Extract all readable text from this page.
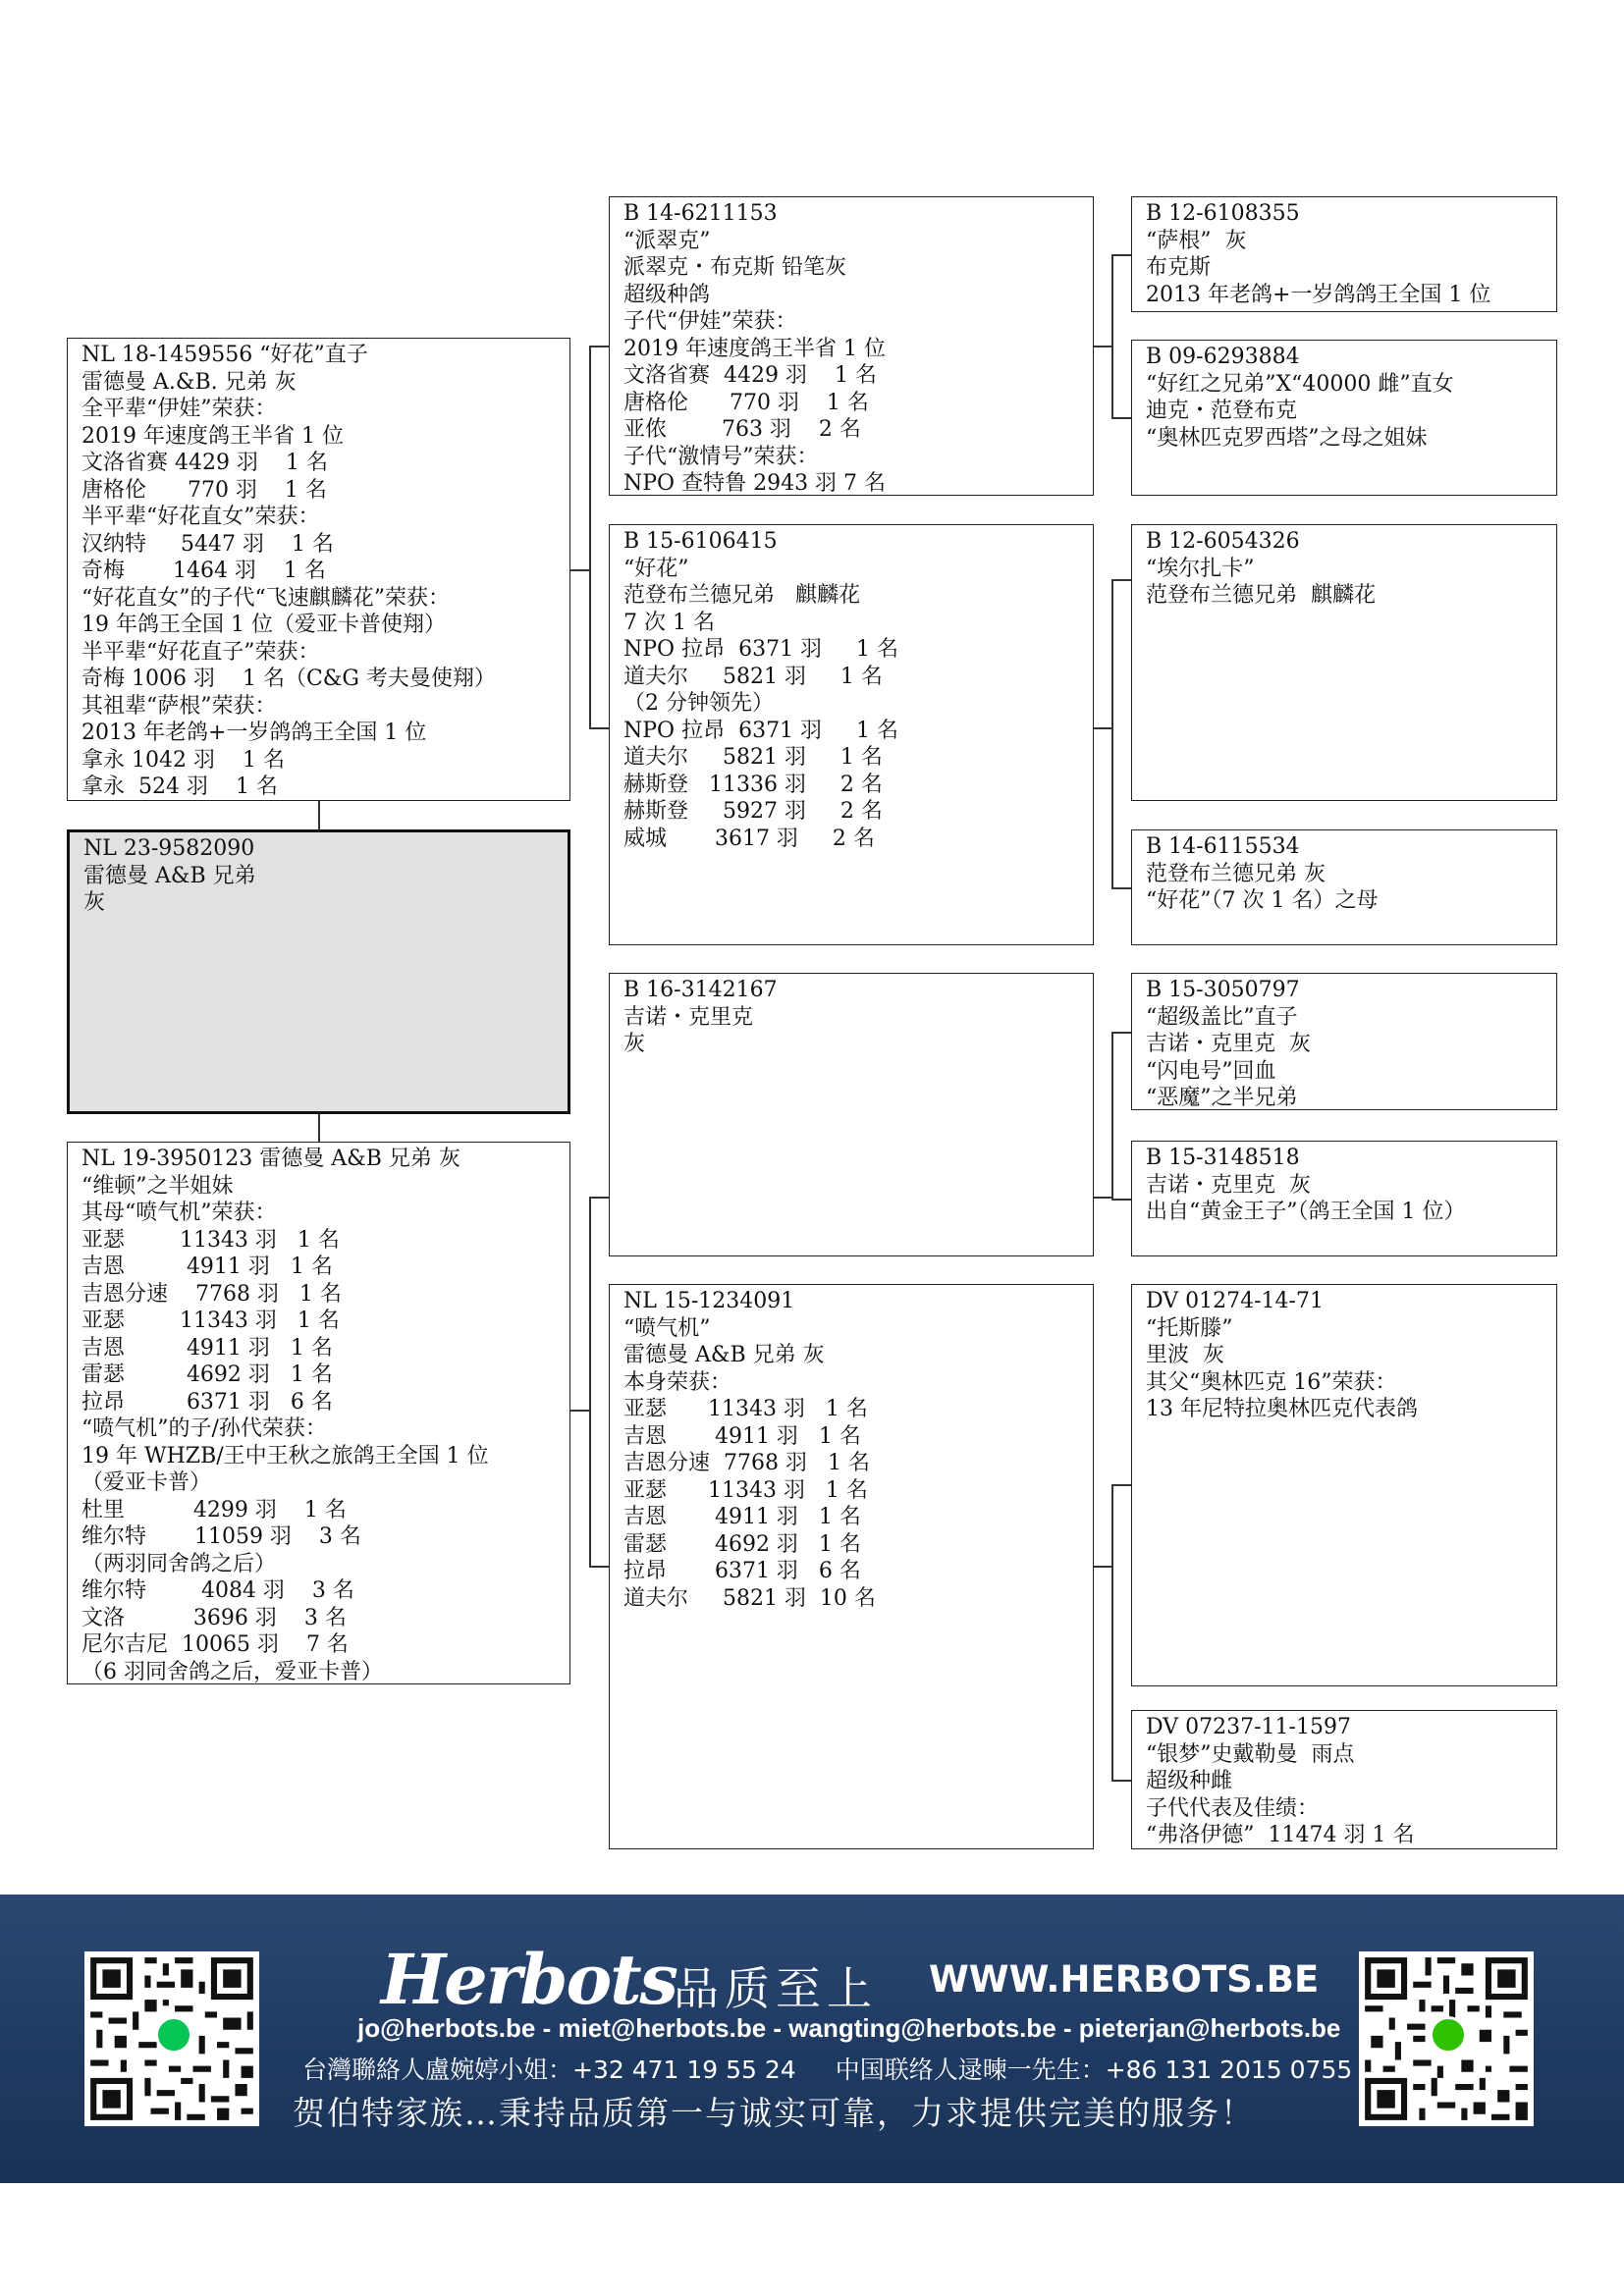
NL 18-1459556 “好花”直子
雷德曼 A.&B. 兄弟 灰
全平辈“伊娃”荣获：
2019 年速度鸽王半省 1 位
文洛省赛 4429 羽    1 名
唐格伦      770 羽    1 名
半平辈“好花直女”荣获：
汉纳特     5447 羽    1 名
奇梅       1464 羽    1 名
“好花直女”的子代“飞速麒麟花”荣获：
19 年鸽王全国 1 位（爱亚卡普使翔）
半平辈“好花直子”荣获：
奇梅 1006 羽    1 名（C&G 考夫曼使翔）
其祖辈“萨根”荣获：
2013 年老鸽+一岁鸽鸽王全国 1 位
拿永 1042 羽    1 名
拿永  524 羽    1 名
NL 23-9582090
雷德曼 A&B 兄弟
灰
NL 19-3950123 雷德曼 A&B 兄弟 灰
“维顿”之半姐妹
其母“喷气机”荣获：
亚瑟        11343 羽   1 名
吉恩         4911 羽   1 名
吉恩分速    7768 羽   1 名
亚瑟        11343 羽   1 名
吉恩         4911 羽   1 名
雷瑟         4692 羽   1 名
拉昂         6371 羽   6 名
“喷气机”的子/孙代荣获：
19 年 WHZB/王中王秋之旅鸽王全国 1 位
（爱亚卡普）
杜里          4299 羽    1 名
维尔特       11059 羽    3 名
（两羽同舍鸽之后）
维尔特        4084 羽    3 名
文洛          3696 羽    3 名
尼尔吉尼  10065 羽    7 名
（6 羽同舍鸽之后，爱亚卡普）
B 14-6211153
“派翠克”
派翠克・布克斯 铅笔灰
超级种鸽
子代“伊娃”荣获：
2019 年速度鸽王半省 1 位
文洛省赛  4429 羽    1 名
唐格伦      770 羽    1 名
亚侬        763 羽    2 名
子代“激情号”荣获：
NPO 查特鲁 2943 羽 7 名
B 15-6106415
“好花”
范登布兰德兄弟   麒麟花
7 次 1 名
NPO 拉昂  6371 羽     1 名
道夫尔     5821 羽     1 名
（2 分钟领先）
NPO 拉昂  6371 羽     1 名
道夫尔     5821 羽     1 名
赫斯登   11336 羽     2 名
赫斯登     5927 羽     2 名
威城       3617 羽     2 名
B 16-3142167
吉诺・克里克
灰
NL 15-1234091
“喷气机”
雷德曼 A&B 兄弟 灰
本身荣获：
亚瑟      11343 羽   1 名
吉恩       4911 羽   1 名
吉恩分速  7768 羽   1 名
亚瑟      11343 羽   1 名
吉恩       4911 羽   1 名
雷瑟       4692 羽   1 名
拉昂       6371 羽   6 名
道夫尔     5821 羽  10 名
B 12-6108355
“萨根”  灰
布克斯
2013 年老鸽+一岁鸽鸽王全国 1 位
B 09-6293884
“好红之兄弟”X“40000 雌”直女
迪克・范登布克
“奥林匹克罗西塔”之母之姐妹
B 12-6054326
“埃尔扎卡”
范登布兰德兄弟  麒麟花
B 14-6115534
范登布兰德兄弟 灰
“好花”（7 次 1 名）之母
B 15-3050797
“超级盖比”直子
吉诺・克里克  灰
“闪电号”回血
“恶魔”之半兄弟
B 15-3148518
吉诺・克里克  灰
出自“黄金王子”（鸽王全国 1 位）
DV 01274-14-71
“托斯滕”
里波  灰
其父“奥林匹克 16”荣获：
13 年尼特拉奥林匹克代表鸽
DV 07237-11-1597
“银梦”史戴勒曼  雨点
超级种雌
子代代表及佳绩：
“弗洛伊德”  11474 羽 1 名
Herbots
品质至上 WWW.HERBOTS.BE
jo@herbots.be - miet@herbots.be - wangting@herbots.be - pieterjan@herbots.be
台灣聯絡人盧婉婷小姐：+32 471 19 55 24 中国联络人逯暕一先生：+86 131 2015 0755
贺伯特家族…秉持品质第一与诚实可靠，力求提供完美的服务！
